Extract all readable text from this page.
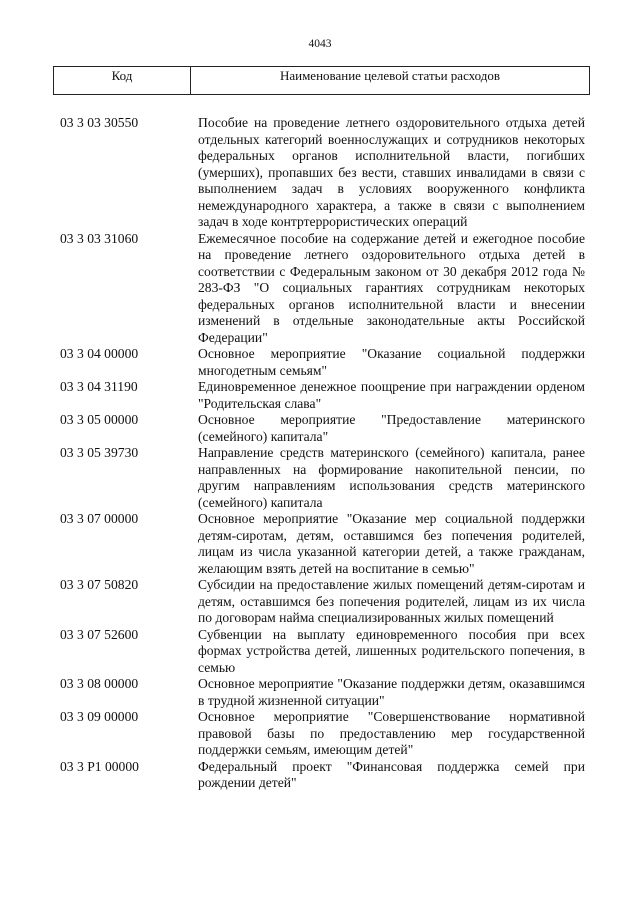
4043
Код	Наименование целевой статьи расходов
03 3 03 30550	Пособие на проведение летнего оздоровительного отдыха детей отдельных категорий военнослужащих и сотрудников некоторых федеральных органов исполнительной власти, погибших (умерших), пропавших без вести, ставших инвалидами в связи с выполнением задач в условиях вооруженного конфликта немеждународного характера, а также в связи с выполнением задач в ходе контртеррористических операций
03 3 03 31060	Ежемесячное пособие на содержание детей и ежегодное пособие на проведение летнего оздоровительного отдыха детей в соответствии с Федеральным законом от 30 декабря 2012 года № 283-ФЗ "О социальных гарантиях сотрудникам некоторых федеральных органов исполнительной власти и внесении изменений в отдельные законодательные акты Российской Федерации"
03 3 04 00000	Основное мероприятие "Оказание социальной поддержки многодетным семьям"
03 3 04 31190	Единовременное денежное поощрение при награждении орденом "Родительская слава"
03 3 05 00000	Основное мероприятие "Предоставление материнского (семейного) капитала"
03 3 05 39730	Направление средств материнского (семейного) капитала, ранее направленных на формирование накопительной пенсии, по другим направлениям использования средств материнского (семейного) капитала
03 3 07 00000	Основное мероприятие "Оказание мер социальной поддержки детям-сиротам, детям, оставшимся без попечения родителей, лицам из числа указанной категории детей, а также гражданам, желающим взять детей на воспитание в семью"
03 3 07 50820	Субсидии на предоставление жилых помещений детям-сиротам и детям, оставшимся без попечения родителей, лицам из их числа по договорам найма специализированных жилых помещений
03 3 07 52600	Субвенции на выплату единовременного пособия при всех формах устройства детей, лишенных родительского попечения, в семью
03 3 08 00000	Основное мероприятие "Оказание поддержки детям, оказавшимся в трудной жизненной ситуации"
03 3 09 00000	Основное мероприятие "Совершенствование нормативной правовой базы по предоставлению мер государственной поддержки семьям, имеющим детей"
03 3 P1 00000	Федеральный проект "Финансовая поддержка семей при рождении детей"
